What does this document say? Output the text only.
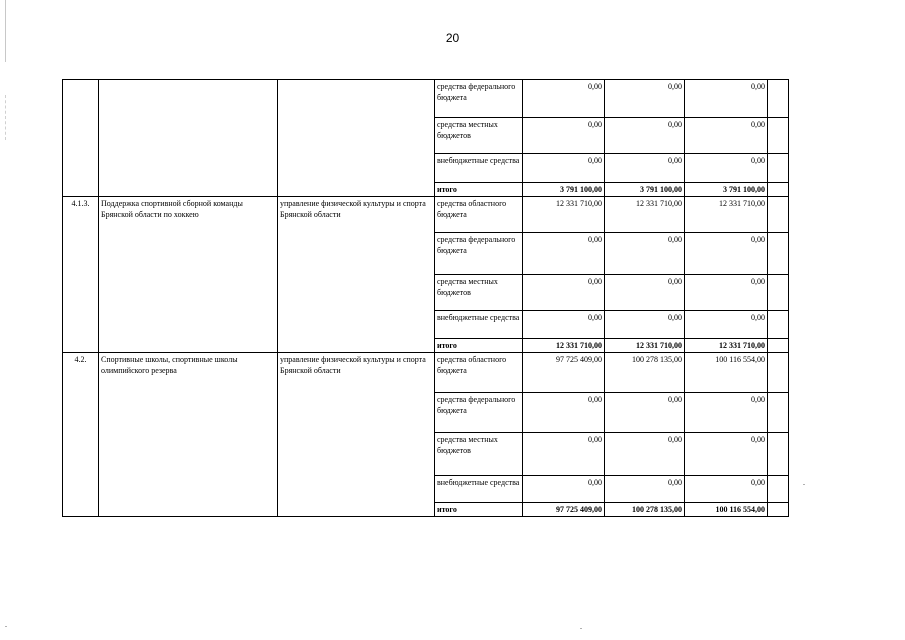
20
			средства федерального бюджета	0,00	0,00	0,00	
			средства местных бюджетов	0,00	0,00	0,00	
			внебюджетные средства	0,00	0,00	0,00	
			итого	3 791 100,00	3 791 100,00	3 791 100,00	
4.1.3.	Поддержка спортивной сборной команды Брянской области по хоккею	управление физической культуры и спорта Брянской области	средства областного бюджета	12 331 710,00	12 331 710,00	12 331 710,00	
			средства федерального бюджета	0,00	0,00	0,00	
			средства местных бюджетов	0,00	0,00	0,00	
			внебюджетные средства	0,00	0,00	0,00	
			итого	12 331 710,00	12 331 710,00	12 331 710,00	
4.2.	Спортивные школы, спортивные школы олимпийского резерва	управление физической культуры и спорта Брянской области	средства областного бюджета	97 725 409,00	100 278 135,00	100 116 554,00	
			средства федерального бюджета	0,00	0,00	0,00	
			средства местных бюджетов	0,00	0,00	0,00	
			внебюджетные средства	0,00	0,00	0,00	
			итого	97 725 409,00	100 278 135,00	100 116 554,00	
